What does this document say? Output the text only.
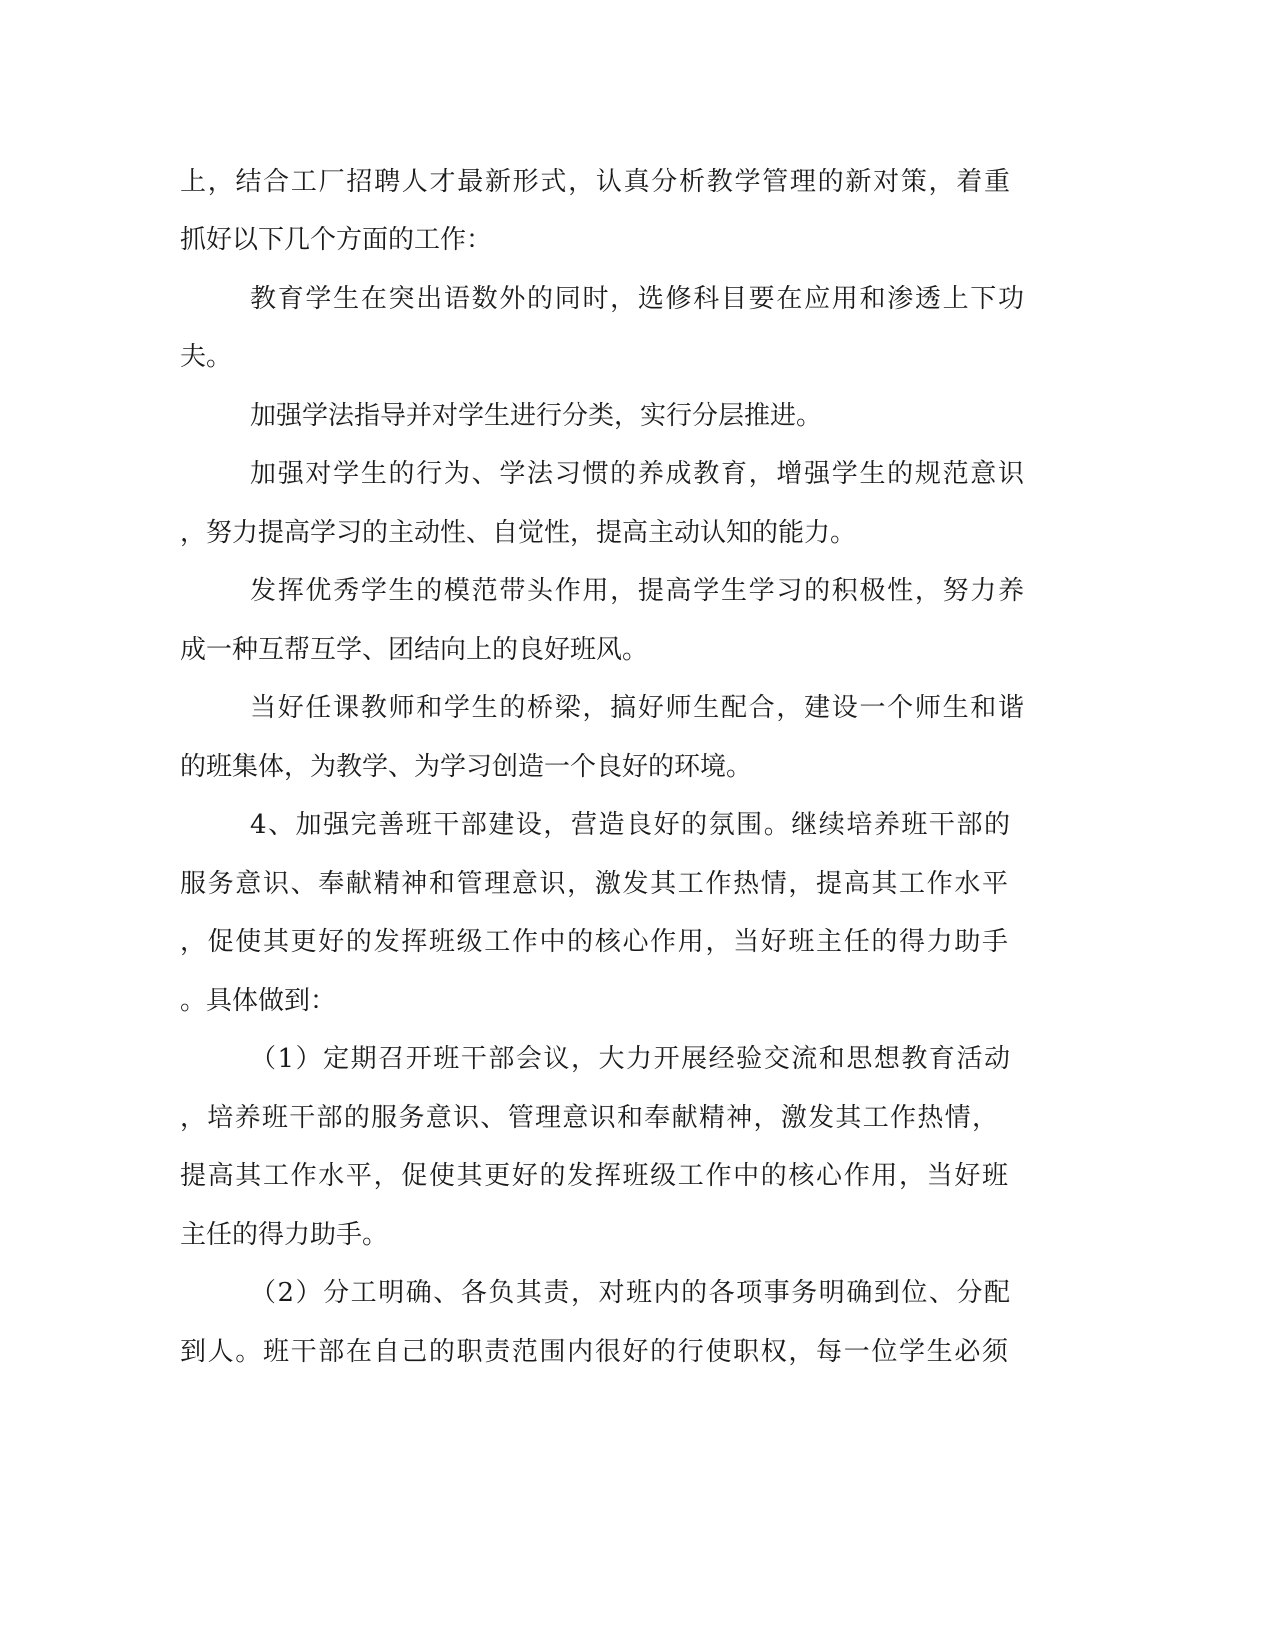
上，结合工厂招聘人才最新形式，认真分析教学管理的新对策，着重
抓好以下几个方面的工作：
教育学生在突出语数外的同时，选修科目要在应用和渗透上下功
夫。
加强学法指导并对学生进行分类，实行分层推进。
加强对学生的行为、学法习惯的养成教育，增强学生的规范意识
，努力提高学习的主动性、自觉性，提高主动认知的能力。
发挥优秀学生的模范带头作用，提高学生学习的积极性，努力养
成一种互帮互学、团结向上的良好班风。
当好任课教师和学生的桥梁，搞好师生配合，建设一个师生和谐
的班集体，为教学、为学习创造一个良好的环境。
4、加强完善班干部建设，营造良好的氛围。继续培养班干部的
服务意识、奉献精神和管理意识，激发其工作热情，提高其工作水平
，促使其更好的发挥班级工作中的核心作用，当好班主任的得力助手
。具体做到：
（1）定期召开班干部会议，大力开展经验交流和思想教育活动
，培养班干部的服务意识、管理意识和奉献精神，激发其工作热情，
提高其工作水平，促使其更好的发挥班级工作中的核心作用，当好班
主任的得力助手。
（2）分工明确、各负其责，对班内的各项事务明确到位、分配
到人。班干部在自己的职责范围内很好的行使职权，每一位学生必须
